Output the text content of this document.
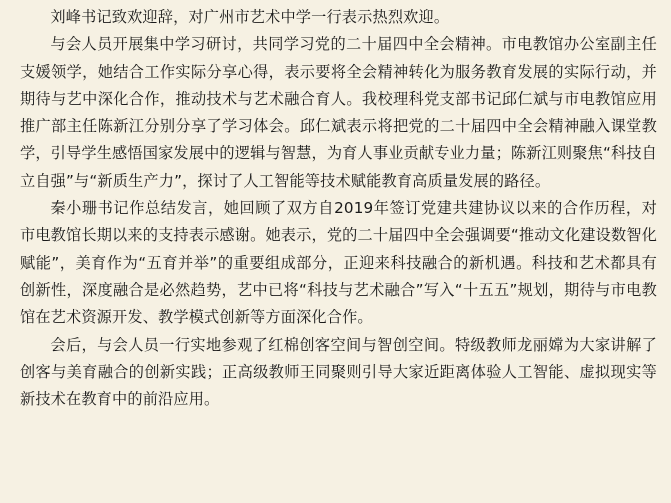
刘峰书记致欢迎辞，对广州市艺术中学一行表示热烈欢迎。

与会人员开展集中学习研讨，共同学习党的二十届四中全会精神。市电教馆办公室副主任支媛领学，她结合工作实际分享心得，表示要将全会精神转化为服务教育发展的实际行动，并期待与艺中深化合作，推动技术与艺术融合育人。我校理科党支部书记邱仁斌与市电教馆应用推广部主任陈新江分别分享了学习体会。邱仁斌表示将把党的二十届四中全会精神融入课堂教学，引导学生感悟国家发展中的逻辑与智慧，为育人事业贡献专业力量；陈新江则聚焦“科技自立自强”与“新质生产力”，探讨了人工智能等技术赋能教育高质量发展的路径。

秦小珊书记作总结发言，她回顾了双方自2019年签订党建共建协议以来的合作历程，对市电教馆长期以来的支持表示感谢。她表示，党的二十届四中全会强调要“推动文化建设数智化赋能”，美育作为“五育并举”的重要组成部分，正迎来科技融合的新机遇。科技和艺术都具有创新性，深度融合是必然趋势，艺中已将“科技与艺术融合”写入“十五五”规划，期待与市电教馆在艺术资源开发、教学模式创新等方面深化合作。

会后，与会人员一行实地参观了红棉创客空间与智创空间。特级教师龙丽嫦为大家讲解了创客与美育融合的创新实践；正高级教师王同聚则引导大家近距离体验人工智能、虚拟现实等新技术在教育中的前沿应用。
